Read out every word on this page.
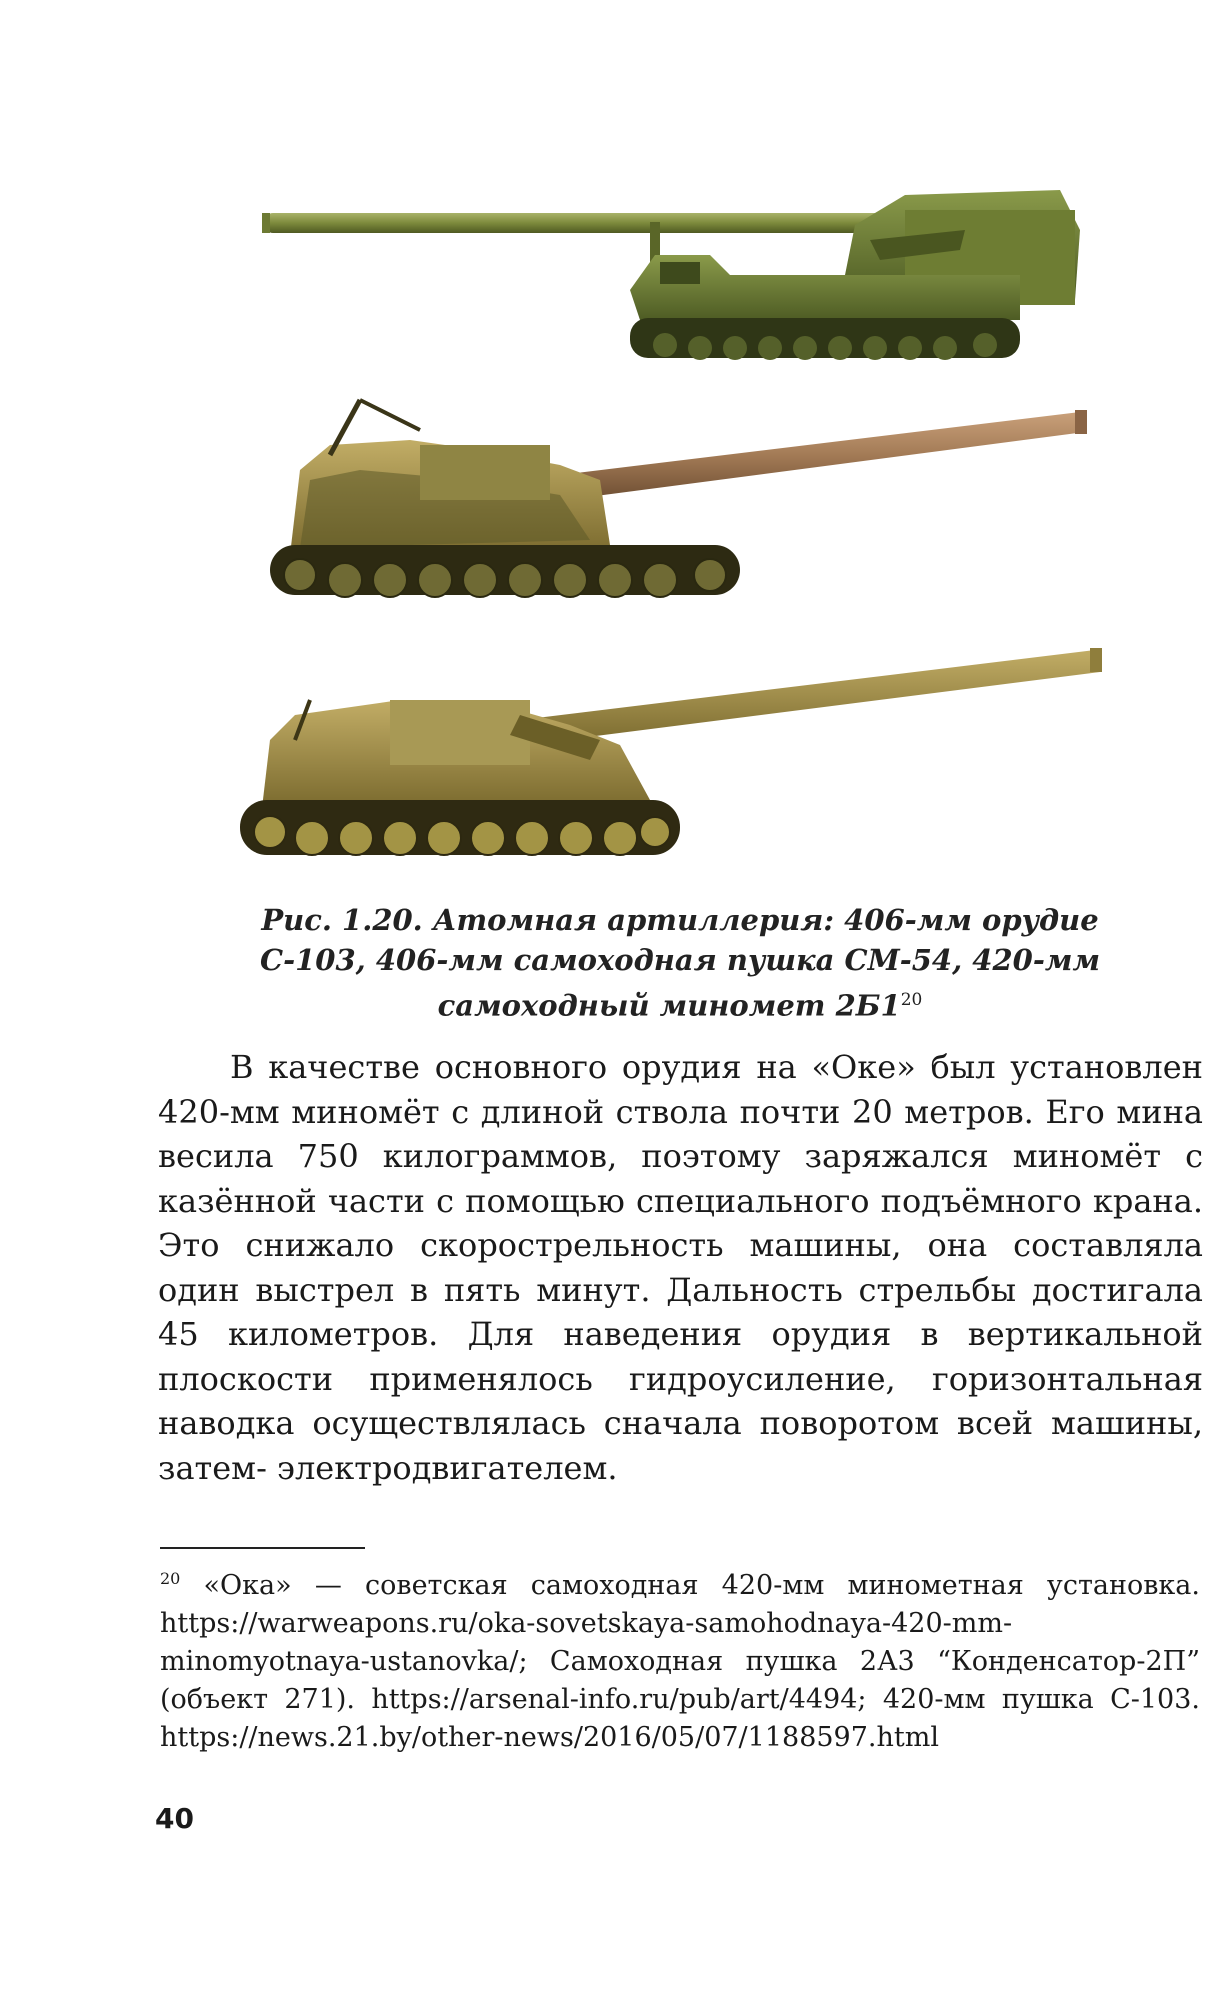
Рис. 1.20. Атомная артиллерия: 406-мм орудие С-103, 406-мм самоходная пушка СМ-54, 420-мм самоходный миномет $2Б1^{20}$

В качестве основного орудия на «Оке» был установлен 420-мм миномёт с длиной ствола почти 20 метров. Его мина весила 750 килограммов, поэтому заряжался миномёт с казённой части с помощью специального подъёмного крана. Это снижало скорострельность машины, она составляла один выстрел в пять минут. Дальность стрельбы достигала 45 километров. Для наведения орудия в вертикальной плоскости применялось гидроусиление, горизонтальная наводка осуществлялась сначала поворотом всей машины, затем- электродвигателем.

$^{20}$ «Ока» — советская самоходная 420-мм минометная установка. https://warweapons.ru/oka-sovetskaya-samohodnaya-420-mm-minomyotnaya-ustanovka/; Самоходная пушка 2А3 “Конденсатор-2П” (объект 271). https://arsenal-info.ru/pub/art/4494; 420-мм пушка С-103. https://news.21.by/other-news/2016/05/07/1188597.html
40
